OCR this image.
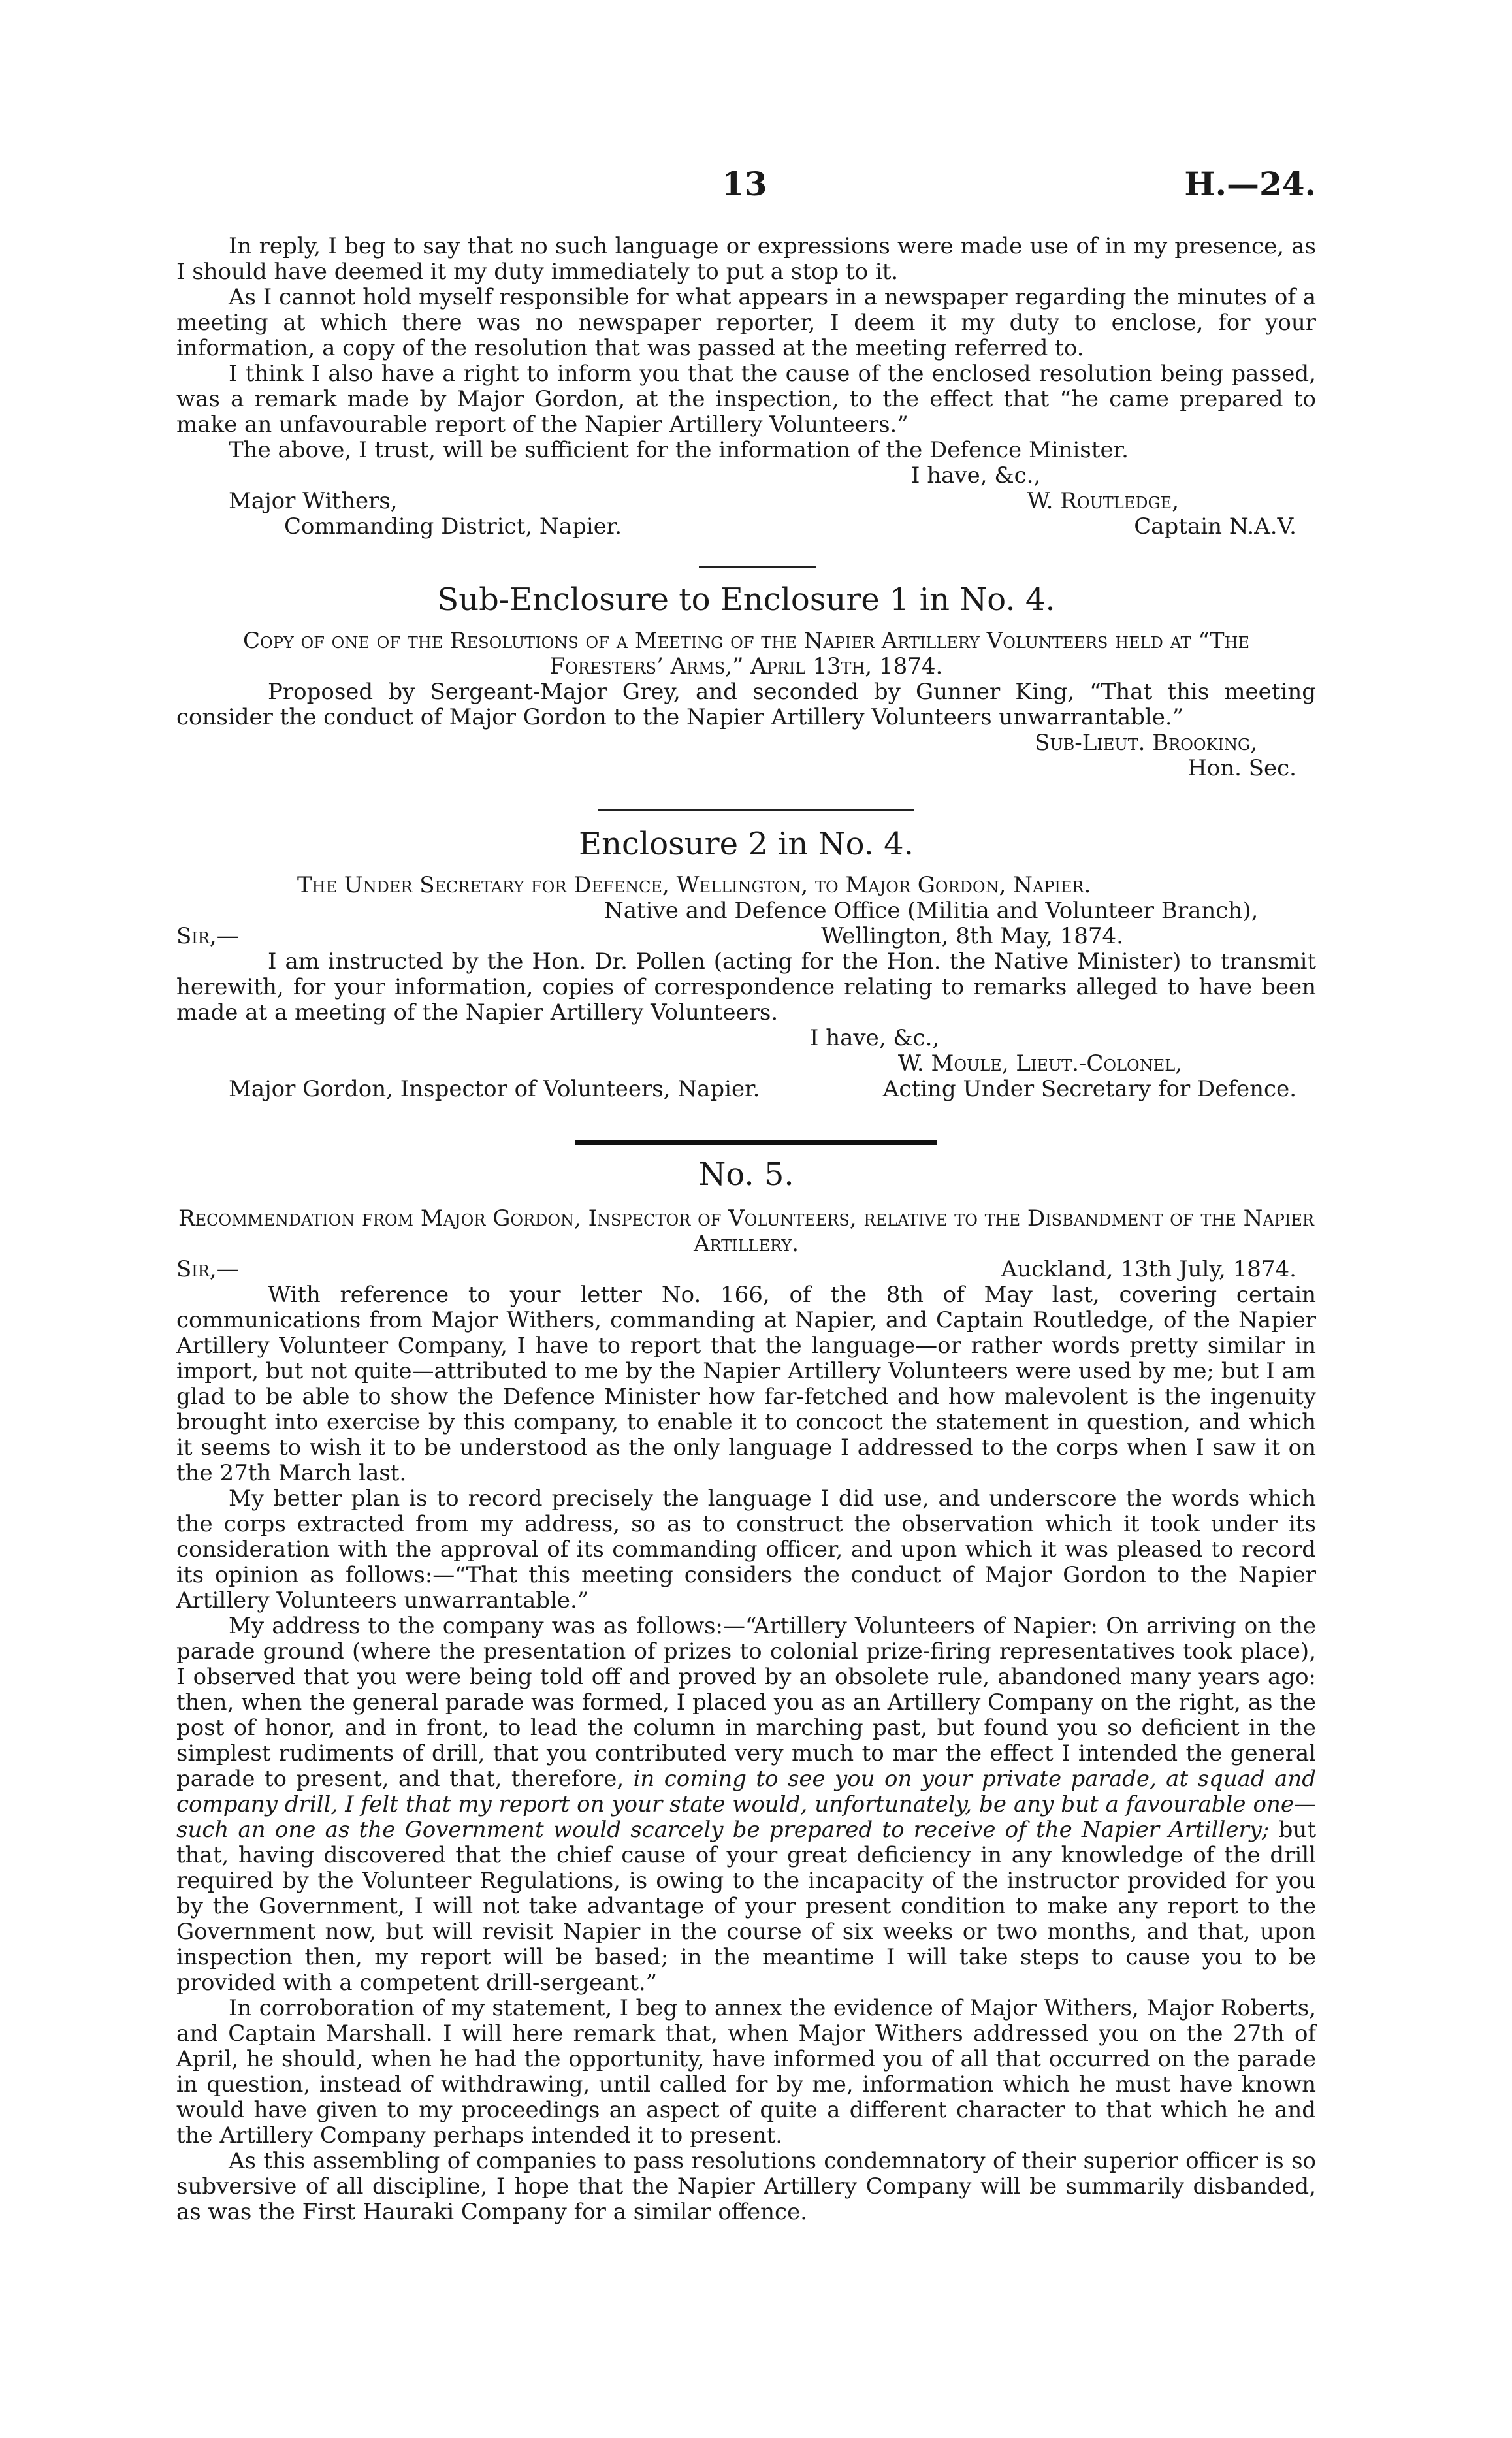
13	H.—24.

In reply, I beg to say that no such language or expressions were made use of in my presence, as I should have deemed it my duty immediately to put a stop to it.

As I cannot hold myself responsible for what appears in a newspaper regarding the minutes of a meeting at which there was no newspaper reporter, I deem it my duty to enclose, for your information, a copy of the resolution that was passed at the meeting referred to.

I think I also have a right to inform you that the cause of the enclosed resolution being passed, was a remark made by Major Gordon, at the inspection, to the effect that “he came prepared to make an unfavourable report of the Napier Artillery Volunteers.”

The above, I trust, will be sufficient for the information of the Defence Minister.

I have, &c.,
Major Withers,	W. Routledge,
Commanding District, Napier.	Captain N.A.V.
Sub-Enclosure to Enclosure 1 in No. 4.

Copy of one of the Resolutions of a Meeting of the Napier Artillery Volunteers held at “The Foresters’ Arms,” April 13th, 1874.

Proposed by Sergeant-Major Grey, and seconded by Gunner King, “That this meeting consider the conduct of Major Gordon to the Napier Artillery Volunteers unwarrantable.”

Sub-Lieut. Brooking,
Hon. Sec.
Enclosure 2 in No. 4.
The Under Secretary for Defence, Wellington, to Major Gordon, Napier.
Native and Defence Office (Militia and Volunteer Branch),
Sir,—	Wellington, 8th May, 1874.

I am instructed by the Hon. Dr. Pollen (acting for the Hon. the Native Minister) to transmit herewith, for your information, copies of correspondence relating to remarks alleged to have been made at a meeting of the Napier Artillery Volunteers.

I have, &c.,
W. Moule, Lieut.-Colonel,
Major Gordon, Inspector of Volunteers, Napier.	Acting Under Secretary for Defence.
No. 5.

Recommendation from Major Gordon, Inspector of Volunteers, relative to the Disbandment of the Napier Artillery.

Sir,—	Auckland, 13th July, 1874.

With reference to your letter No. 166, of the 8th of May last, covering certain communications from Major Withers, commanding at Napier, and Captain Routledge, of the Napier Artillery Volunteer Company, I have to report that the language—or rather words pretty similar in import, but not quite—attributed to me by the Napier Artillery Volunteers were used by me; but I am glad to be able to show the Defence Minister how far-fetched and how malevolent is the ingenuity brought into exercise by this company, to enable it to concoct the statement in question, and which it seems to wish it to be understood as the only language I addressed to the corps when I saw it on the 27th March last.

My better plan is to record precisely the language I did use, and underscore the words which the corps extracted from my address, so as to construct the observation which it took under its consideration with the approval of its commanding officer, and upon which it was pleased to record its opinion as follows:—“That this meeting considers the conduct of Major Gordon to the Napier Artillery Volunteers unwarrantable.”

My address to the company was as follows:—“Artillery Volunteers of Napier: On arriving on the parade ground (where the presentation of prizes to colonial prize-firing representatives took place), I observed that you were being told off and proved by an obsolete rule, abandoned many years ago: then, when the general parade was formed, I placed you as an Artillery Company on the right, as the post of honor, and in front, to lead the column in marching past, but found you so deficient in the simplest rudiments of drill, that you contributed very much to mar the effect I intended the general parade to present, and that, therefore, in coming to see you on your private parade, at squad and company drill, I felt that my report on your state would, unfortunately, be any but a favourable one—such an one as the Government would scarcely be prepared to receive of the Napier Artillery; but that, having discovered that the chief cause of your great deficiency in any knowledge of the drill required by the Volunteer Regulations, is owing to the incapacity of the instructor provided for you by the Government, I will not take advantage of your present condition to make any report to the Government now, but will revisit Napier in the course of six weeks or two months, and that, upon inspection then, my report will be based; in the meantime I will take steps to cause you to be provided with a competent drill-sergeant.”

In corroboration of my statement, I beg to annex the evidence of Major Withers, Major Roberts, and Captain Marshall. I will here remark that, when Major Withers addressed you on the 27th of April, he should, when he had the opportunity, have informed you of all that occurred on the parade in question, instead of withdrawing, until called for by me, information which he must have known would have given to my proceedings an aspect of quite a different character to that which he and the Artillery Company perhaps intended it to present.

As this assembling of companies to pass resolutions condemnatory of their superior officer is so subversive of all discipline, I hope that the Napier Artillery Company will be summarily disbanded, as was the First Hauraki Company for a similar offence.
